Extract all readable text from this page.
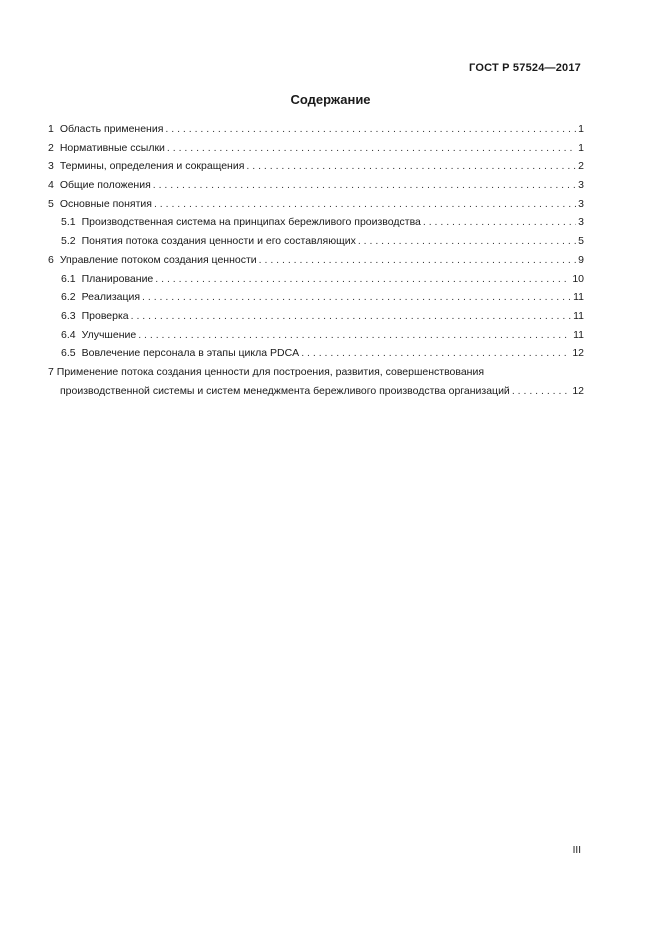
ГОСТ Р 57524—2017
Содержание
1 Область применения . . .	1
2 Нормативные ссылки . . .	1
3 Термины, определения и сокращения . . .	2
4 Общие положения . . .	3
5 Основные понятия . . .	3
5.1 Производственная система на принципах бережливого производства . . .	3
5.2 Понятия потока создания ценности и его составляющих . . .	5
6 Управление потоком создания ценности . . .	9
6.1 Планирование . . .	10
6.2 Реализация . . .	11
6.3 Проверка . . .	11
6.4 Улучшение . . .	11
6.5 Вовлечение персонала в этапы цикла PDCA . . .	12
7 Применение потока создания ценности для построения, развития, совершенствования
производственной системы и систем менеджмента бережливого производства организаций . . .	12
III
